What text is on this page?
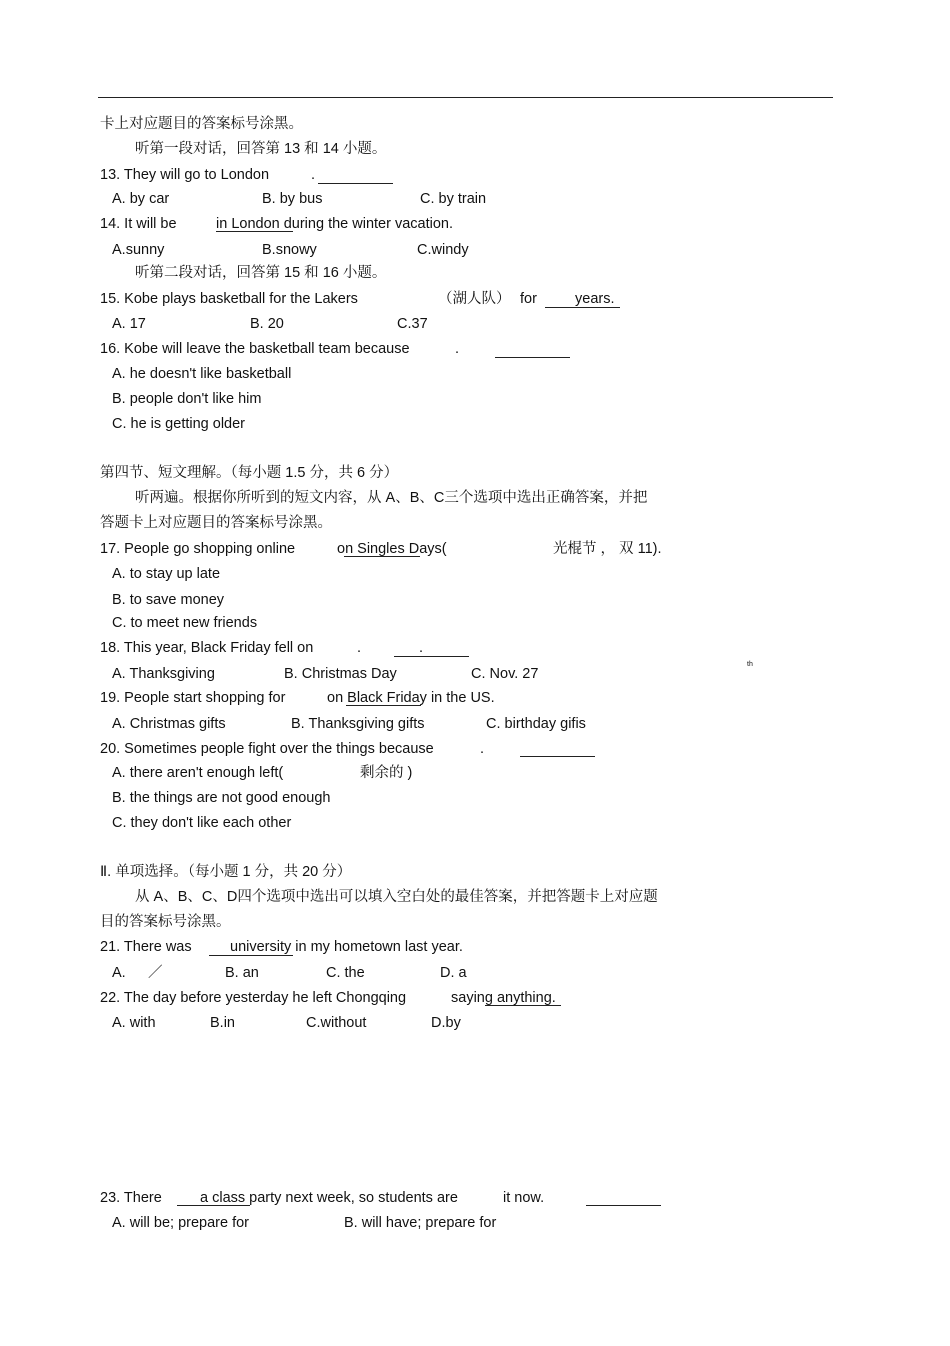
卡上对应题目的答案标号涂黑。
听第一段对话，回答第 13 和 14 小题。
13. They will go to London	.
A. by car	B. by bus	C. by train
14. It will be	in London during the winter vacation.
A.sunny	B.snowy	C.windy
听第二段对话，回答第 15 和 16 小题。
15. Kobe plays basketball for the Lakers	（湖人队） for	years.
A. 17	B. 20	C.37
16. Kobe will leave the basketball team because	.
A. he doesn't like basketball
B. people don't like him
C. he is getting older
第四节、短文理解。（每小题 1.5 分，共 6 分）
听两遍。根据你所听到的短文内容，从 A、B、C三个选项中选出正确答案，并把
答题卡上对应题目的答案标号涂黑。
17. People go shopping online	on Singles Days(	光棍节 ， 双 11).
A. to stay up late
B. to save money
C. to meet new friends
18. This year, Black Friday fell on	.	.
A. Thanksgiving	B. Christmas Day	C. Nov. 27
th
19. People start shopping for	on Black Friday in the US.
A. Christmas gifts	B. Thanksgiving gifts	C. birthday gifis
20. Sometimes people fight over the things because	.
A. there aren't enough left(	剩余的 )
B. the things are not good enough
C. they don't like each other
Ⅱ. 单项选择。（每小题 1 分，共 20 分）
从 A、B、C、D四个选项中选出可以填入空白处的最佳答案，并把答题卡上对应题
目的答案标号涂黑。
21. There was	university in my hometown last year.
A. ／	B. an	C. the	D. a
22. The day before yesterday he left Chongqing	saying anything.
A. with	B.in	C.without	D.by
23. There	a class party next week, so students are	it now.
A. will be; prepare for	B. will have; prepare for
